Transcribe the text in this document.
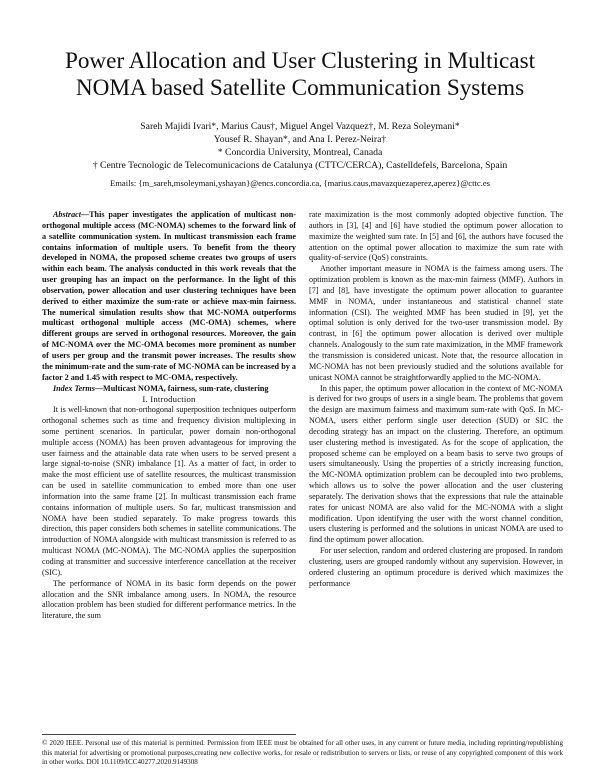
Power Allocation and User Clustering in Multicast NOMA based Satellite Communication Systems
Sareh Majidi Ivari*, Marius Caus†, Miguel Angel Vazquez†, M. Reza Soleymani*
Yousef R. Shayan*, and Ana I. Perez-Neira†
* Concordia University, Montreal, Canada
† Centre Tecnologic de Telecomunicacions de Catalunya (CTTC/CERCA), Castelldefels, Barcelona, Spain
Emails: {m_sareh,msoleymani,yshayan}@encs.concordia.ca, {marius.caus,mavazquezaperez,aperez}@cttc.es

Abstract—This paper investigates the application of multicast non-orthogonal multiple access (MC-NOMA) schemes to the forward link of a satellite communication system. In multicast transmission each frame contains information of multiple users. To benefit from the theory developed in NOMA, the proposed scheme creates two groups of users within each beam. The analysis conducted in this work reveals that the user grouping has an impact on the performance. In the light of this observation, power allocation and user clustering techniques have been derived to either maximize the sum-rate or achieve max-min fairness. The numerical simulation results show that MC-NOMA outperforms multicast orthogonal multiple access (MC-OMA) schemes, where different groups are served in orthogonal resources. Moreover, the gain of MC-NOMA over the MC-OMA becomes more prominent as number of users per group and the transmit power increases. The results show the minimum-rate and the sum-rate of MC-NOMA can be increased by a factor 2 and 1.45 with respect to MC-OMA, respectively.

Index Terms—Multicast NOMA, fairness, sum-rate, clustering

I. Introduction

It is well-known that non-orthogonal superposition techniques outperform orthogonal schemes such as time and frequency division multiplexing in some pertinent scenarios. In particular, power domain non-orthogonal multiple access (NOMA) has been proven advantageous for improving the user fairness and the attainable data rate when users to be served present a large signal-to-noise (SNR) imbalance [1]. As a matter of fact, in order to make the most efficient use of satellite resources, the multicast transmission can be used in satellite communication to embed more than one user information into the same frame [2]. In multicast transmission each frame contains information of multiple users. So far, multicast transmission and NOMA have been studied separately. To make progress towards this direction, this paper considers both schemes in satellite communications. The introduction of NOMA alongside with multicast transmission is referred to as multicast NOMA (MC-NOMA). The MC-NOMA applies the superposition coding at transmitter and successive interference cancellation at the receiver (SIC).

The performance of NOMA in its basic form depends on the power allocation and the SNR imbalance among users. In NOMA, the resource allocation problem has been studied for different performance metrics. In the literature, the sum

rate maximization is the most commonly adopted objective function. The authors in [3], [4] and [6] have studied the optimum power allocation to maximize the weighted sum rate. In [5] and [6], the authors have focused the attention on the optimal power allocation to maximize the sum rate with quality-of-service (QoS) constraints.

Another important measure in NOMA is the fairness among users. The optimization problem is known as the max-min fairness (MMF). Authors in [7] and [8], have investigate the optimum power allocation to guarantee MMF in NOMA, under instantaneous and statistical channel state information (CSI). The weighted MMF has been studied in [9], yet the optimal solution is only derived for the two-user transmission model. By contrast, in [6] the optimum power allocation is derived over multiple channels. Analogously to the sum rate maximization, in the MMF framework the transmission is considered unicast. Note that, the resource allocation in MC-NOMA has not been previously studied and the solutions available for unicast NOMA cannot be straightforwardly applied to the MC-NOMA.

In this paper, the optimum power allocation in the context of MC-NOMA is derived for two groups of users in a single beam. The problems that govern the design are maximum fairness and maximum sum-rate with QoS. In MC-NOMA, users either perform single user detection (SUD) or SIC the decoding strategy has an impact on the clustering. Therefore, an optimum user clustering method is investigated. As for the scope of application, the proposed scheme can be employed on a beam basis to serve two groups of users simultaneously. Using the properties of a strictly increasing function, the MC-NOMA optimization problem can be decoupled into two problems, which allows us to solve the power allocation and the user clustering separately. The derivation shows that the expressions that rule the attainable rates for unicast NOMA are also valid for the MC-NOMA with a slight modification. Upon identifying the user with the worst channel condition, users clustering is performed and the solutions in unicast NOMA are used to find the optimum power allocation.

For user selection, random and ordered clustering are proposed. In random clustering, users are grouped randomly without any supervision. However, in ordered clustering an optimum procedure is derived which maximizes the performance

© 2020 IEEE. Personal use of this material is permitted. Permission from IEEE must be obtained for all other uses, in any current or future media, including reprinting/republishing this material for advertising or promotional purposes,creating new collective works, for resale or redistribution to servers or lists, or reuse of any copyrighted component of this work in other works. DOI 10.1109/ICC40277.2020.9149308
